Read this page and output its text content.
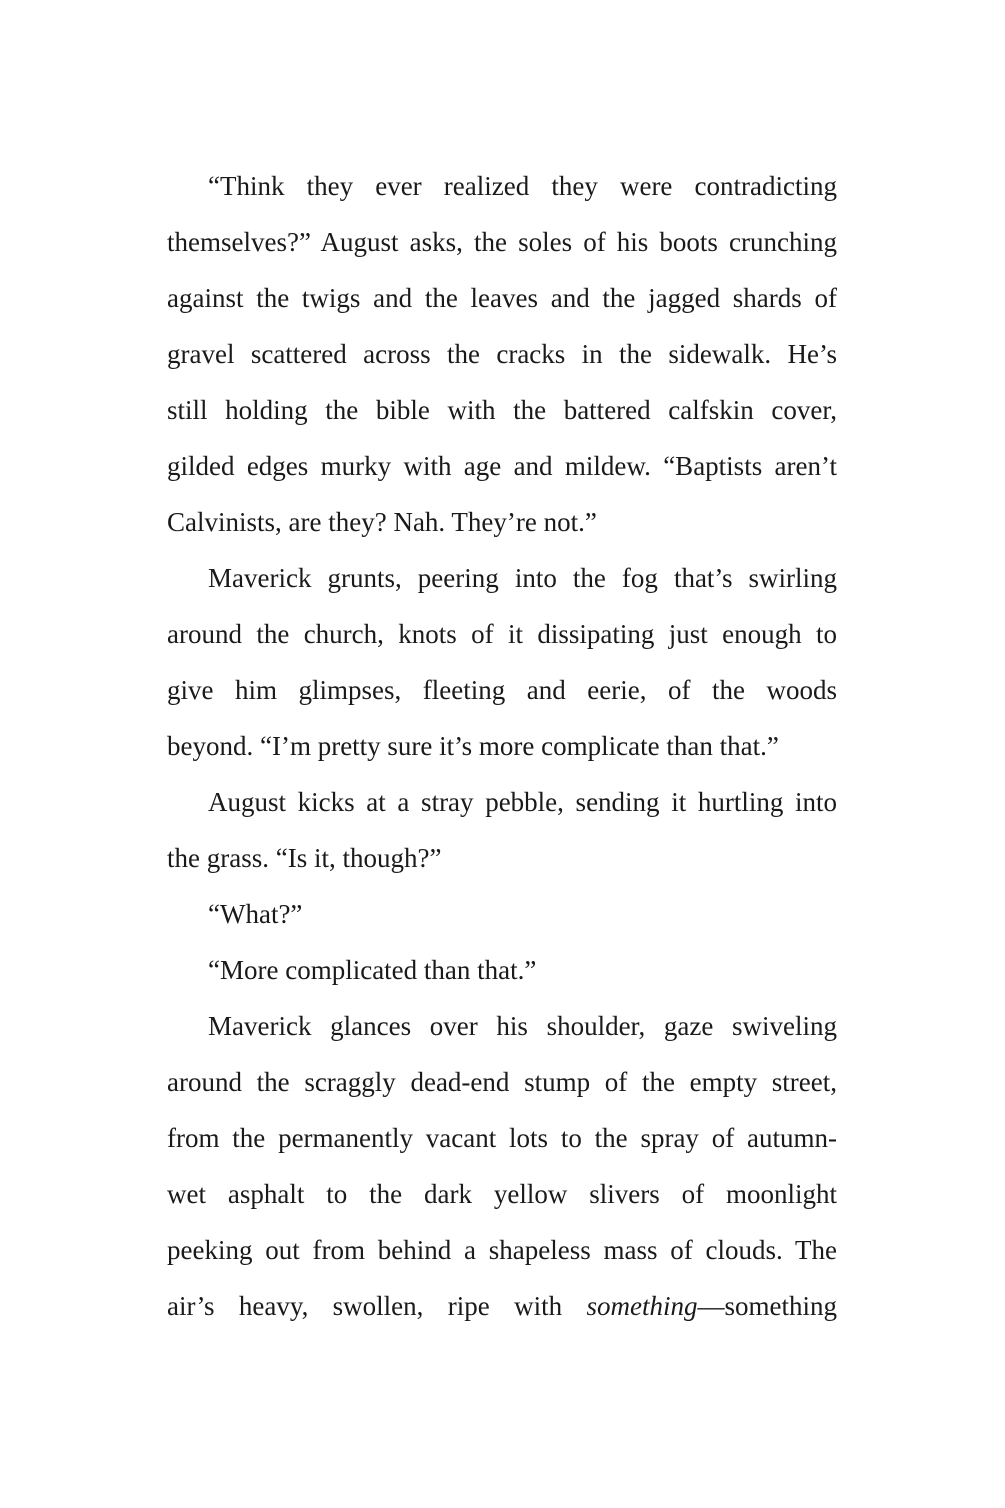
“Think they ever realized they were contradicting
themselves?” August asks, the soles of his boots crunching
against the twigs and the leaves and the jagged shards of
gravel scattered across the cracks in the sidewalk. He’s
still holding the bible with the battered calfskin cover,
gilded edges murky with age and mildew. “Baptists aren’t
Calvinists, are they? Nah. They’re not.”
Maverick grunts, peering into the fog that’s swirling
around the church, knots of it dissipating just enough to
give him glimpses, fleeting and eerie, of the woods
beyond. “I’m pretty sure it’s more complicate than that.”
August kicks at a stray pebble, sending it hurtling into
the grass. “Is it, though?”
“What?”
“More complicated than that.”
Maverick glances over his shoulder, gaze swiveling
around the scraggly dead-end stump of the empty street,
from the permanently vacant lots to the spray of autumn-
wet asphalt to the dark yellow slivers of moonlight
peeking out from behind a shapeless mass of clouds. The
air’s heavy, swollen, ripe with something—something
